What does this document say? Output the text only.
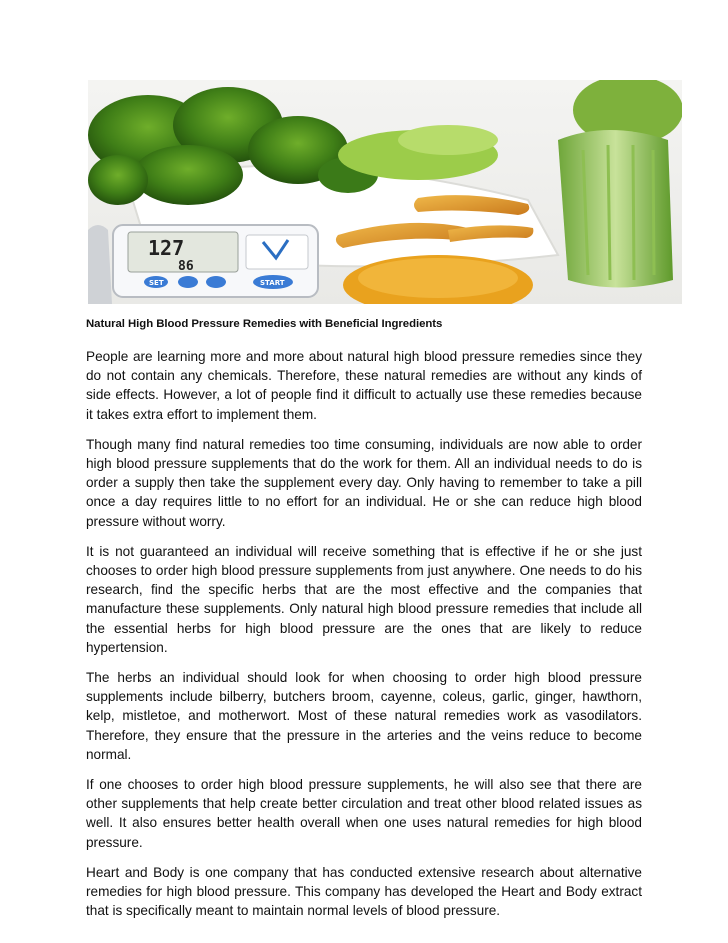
127
86
SET	START
Natural High Blood Pressure Remedies with Beneficial Ingredients

People are learning more and more about natural high blood pressure remedies since they do not contain any chemicals. Therefore, these natural remedies are without any kinds of side effects. However, a lot of people find it difficult to actually use these remedies because it takes extra effort to implement them.

Though many find natural remedies too time consuming, individuals are now able to order high blood pressure supplements that do the work for them. All an individual needs to do is order a supply then take the supplement every day. Only having to remember to take a pill once a day requires little to no effort for an individual. He or she can reduce high blood pressure without worry.

It is not guaranteed an individual will receive something that is effective if he or she just chooses to order high blood pressure supplements from just anywhere. One needs to do his research, find the specific herbs that are the most effective and the companies that manufacture these supplements. Only natural high blood pressure remedies that include all the essential herbs for high blood pressure are the ones that are likely to reduce hypertension.

The herbs an individual should look for when choosing to order high blood pressure supplements include bilberry, butchers broom, cayenne, coleus, garlic, ginger, hawthorn, kelp, mistletoe, and motherwort. Most of these natural remedies work as vasodilators. Therefore, they ensure that the pressure in the arteries and the veins reduce to become normal.

If one chooses to order high blood pressure supplements, he will also see that there are other supplements that help create better circulation and treat other blood related issues as well. It also ensures better health overall when one uses natural remedies for high blood pressure.

Heart and Body is one company that has conducted extensive research about alternative remedies for high blood pressure. This company has developed the Heart and Body extract that is specifically meant to maintain normal levels of blood pressure.
